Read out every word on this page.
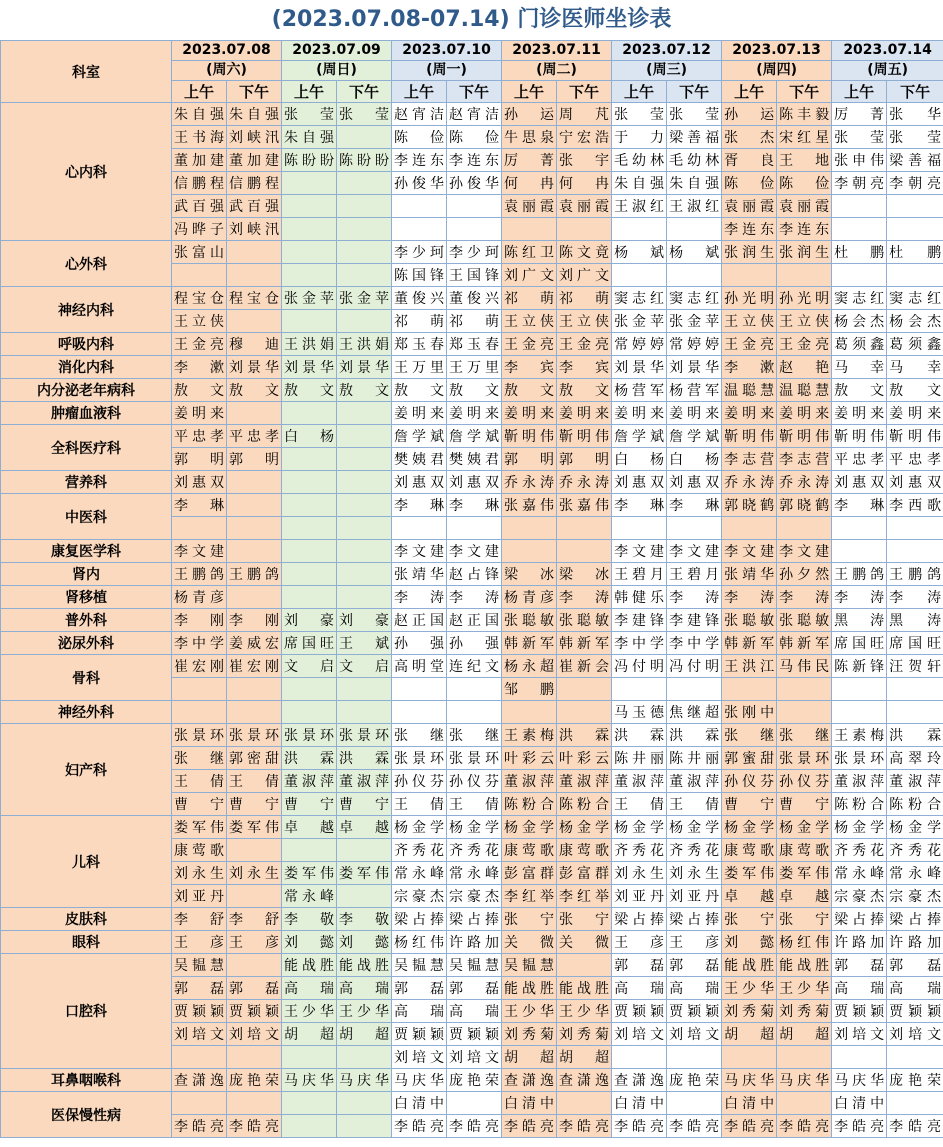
(2023.07.08-07.14) 门诊医师坐诊表
科室	2023.07.08		2023.07.09		2023.07.10		2023.07.11		2023.07.12		2023.07.13		2023.07.14	
	(周六)		(周日)		(周一)		(周二)		(周三)		(周四)		(周五)	
	上午	下午	上午	下午	上午	下午	上午	下午	上午	下午	上午	下午	上午	下午
心内科	朱自强	朱自强	张　莹	张　莹	赵宵洁	赵宵洁	孙　运	周　芃	张　莹	张　莹	孙　运	陈丰毅	厉　菁	张　华
	王书海	刘峡汛	朱自强		陈　俭	陈　俭	牛思泉	宁宏浩	于　力	梁善福	张　杰	宋红星	张　莹	张　莹
	董加建	董加建	陈盼盼	陈盼盼	李连东	李连东	厉　菁	张　宇	毛幼林	毛幼林	胥　良	王　地	张申伟	梁善福
	信鹏程	信鹏程			孙俊华	孙俊华	何　冉	何　冉	朱自强	朱自强	陈　俭	陈　俭	李朝亮	李朝亮
	武百强	武百强					袁丽霞	袁丽霞	王淑红	王淑红	袁丽霞	袁丽霞		
	冯晔子	刘峡汛									李连东	李连东		
心外科	张富山				李少珂	李少珂	陈红卫	陈文竟	杨　斌	杨　斌	张润生	张润生	杜　鹏	杜　鹏
					陈国锋	王国锋	刘广文	刘广文						
神经内科	程宝仓	程宝仓	张金苹	张金苹	董俊兴	董俊兴	祁　萌	祁　萌	窦志红	窦志红	孙光明	孙光明	窦志红	窦志红
	王立侠				祁　萌	祁　萌	王立侠	王立侠	张金苹	张金苹	王立侠	王立侠	杨会杰	杨会杰
呼吸内科	王金亮	穆　迪	王洪娟	王洪娟	郑玉春	郑玉春	王金亮	王金亮	常婷婷	常婷婷	王金亮	王金亮	葛须鑫	葛须鑫
消化内科	李　漱	刘景华	刘景华	刘景华	王万里	王万里	李　宾	李　宾	刘景华	刘景华	李　漱	赵　艳	马　幸	马　幸
内分泌老年病科	敖　文	敖　文	敖　文	敖　文	敖　文	敖　文	敖　文	敖　文	杨营军	杨营军	温聪慧	温聪慧	敖　文	敖　文
肿瘤血液科	姜明来				姜明来	姜明来	姜明来	姜明来	姜明来	姜明来	姜明来	姜明来	姜明来	姜明来
全科医疗科	平忠孝	平忠孝	白　杨		詹学斌	詹学斌	靳明伟	靳明伟	詹学斌	詹学斌	靳明伟	靳明伟	靳明伟	靳明伟
	郭　明	郭　明			樊姨君	樊姨君	郭　明	郭　明	白　杨	白　杨	李志营	李志营	平忠孝	平忠孝
营养科	刘惠双				刘惠双	刘惠双	乔永涛	乔永涛	刘惠双	刘惠双	乔永涛	乔永涛	刘惠双	刘惠双
中医科	李　琳				李　琳	李　琳	张嘉伟	张嘉伟	李　琳	李　琳	郭晓鹤	郭晓鹤	李　琳	李西歌

康复医学科	李文建				李文建	李文建			李文建	李文建	李文建	李文建		
肾内	王鹏鸽	王鹏鸽			张靖华	赵占锋	梁　冰	梁　冰	王碧月	王碧月	张靖华	孙夕然	王鹏鸽	王鹏鸽
肾移植	杨青彦				李　涛	李　涛	杨青彦	李　涛	韩健乐	李　涛	李　涛	李　涛	李　涛	李　涛
普外科	李　刚	李　刚	刘　豪	刘　豪	赵正国	赵正国	张聪敏	张聪敏	李建锋	李建锋	张聪敏	张聪敏	黑　涛	黑　涛
泌尿外科	李中学	姜威宏	席国旺	王　斌	孙　强	孙　强	韩新军	韩新军	李中学	李中学	韩新军	韩新军	席国旺	席国旺
骨科	崔宏刚	崔宏刚	文　启	文　启	高明堂	连纪文	杨永超	崔新会	冯付明	冯付明	王洪江	马伟民	陈新锋	汪贺轩
							邹　鹏							
神经外科									马玉德	焦继超	张刚中			
妇产科	张景环	张景环	张景环	张景环	张　继	张　继	王素梅	洪　霖	洪　霖	洪　霖	张　继	张　继	王素梅	洪　霖
	张　继	郭密甜	洪　霖	洪　霖	张景环	张景环	叶彩云	叶彩云	陈井丽	陈井丽	郭蜜甜	张景环	张景环	高翠玲
	王　倩	王　倩	董淑萍	董淑萍	孙仪芬	孙仪芬	董淑萍	董淑萍	董淑萍	董淑萍	孙仪芬	孙仪芬	董淑萍	董淑萍
	曹　宁	曹　宁	曹　宁	曹　宁	王　倩	王　倩	陈粉合	陈粉合	王　倩	王　倩	曹　宁	曹　宁	陈粉合	陈粉合
儿科	娄军伟	娄军伟	卓　越	卓　越	杨金学	杨金学	杨金学	杨金学	杨金学	杨金学	杨金学	杨金学	杨金学	杨金学
	康莺歌				齐秀花	齐秀花	康莺歌	康莺歌	齐秀花	齐秀花	康莺歌	康莺歌	齐秀花	齐秀花
	刘永生	刘永生	娄军伟	娄军伟	常永峰	常永峰	彭富群	彭富群	刘永生	刘永生	娄军伟	娄军伟	常永峰	常永峰
	刘亚丹		常永峰		宗豪杰	宗豪杰	李红举	李红举	刘亚丹	刘亚丹	卓　越	卓　越	宗豪杰	宗豪杰
皮肤科	李　舒	李　舒	李　敬	李　敬	梁占捧	梁占捧	张　宁	张　宁	梁占捧	梁占捧	张　宁	张　宁	梁占捧	梁占捧
眼科	王　彦	王　彦	刘　懿	刘　懿	杨红伟	许路加	关　微	关　微	王　彦	王　彦	刘　懿	杨红伟	许路加	许路加
口腔科	吴韫慧		能战胜	能战胜	吴韫慧	吴韫慧	吴韫慧		郭　磊	郭　磊	能战胜	能战胜	郭　磊	郭　磊
	郭　磊	郭　磊	高　瑞	高　瑞	郭　磊	郭　磊	能战胜	能战胜	高　瑞	高　瑞	王少华	王少华	高　瑞	高　瑞
	贾颖颖	贾颖颖	王少华	王少华	高　瑞	高　瑞	王少华	王少华	贾颖颖	贾颖颖	刘秀菊	刘秀菊	贾颖颖	贾颖颖
	刘培文	刘培文	胡　超	胡　超	贾颖颖	贾颖颖	刘秀菊	刘秀菊	刘培文	刘培文	胡　超	胡　超	刘培文	刘培文
					刘培文	刘培文	胡　超	胡　超						
耳鼻咽喉科	查潇逸	庞艳荣	马庆华	马庆华	马庆华	庞艳荣	查潇逸	查潇逸	查潇逸	庞艳荣	马庆华	马庆华	马庆华	庞艳荣
医保慢性病					白清中		白清中		白清中		白清中		白清中	
	李皓亮	李皓亮			李皓亮	李皓亮	李皓亮	李皓亮	李皓亮	李皓亮	李皓亮	李皓亮	李皓亮	李皓亮
